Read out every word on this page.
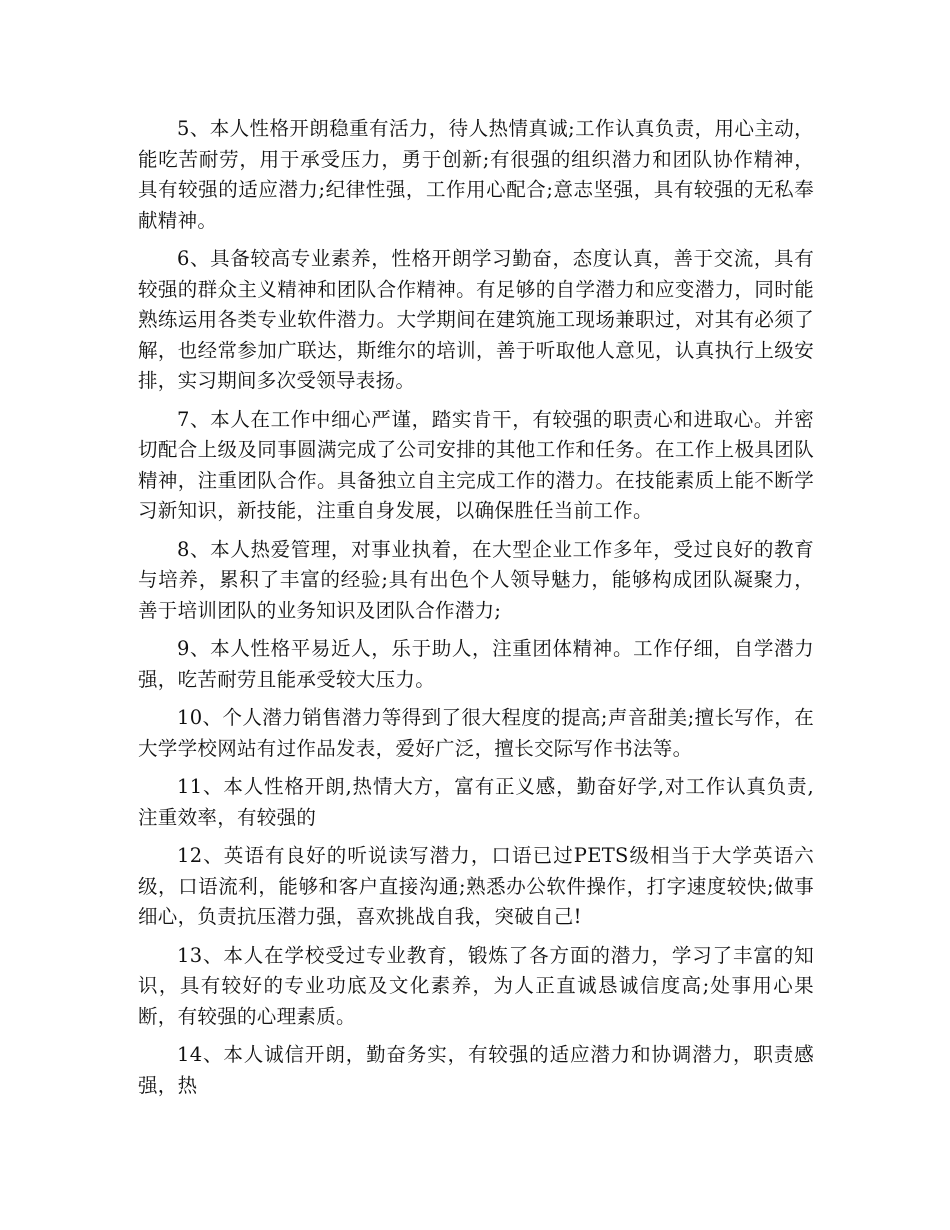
5、本人性格开朗稳重有活力，待人热情真诚;工作认真负责，用心主动，能吃苦耐劳，用于承受压力，勇于创新;有很强的组织潜力和团队协作精神，具有较强的适应潜力;纪律性强，工作用心配合;意志坚强，具有较强的无私奉献精神。

6、具备较高专业素养，性格开朗学习勤奋，态度认真，善于交流，具有较强的群众主义精神和团队合作精神。有足够的自学潜力和应变潜力，同时能熟练运用各类专业软件潜力。大学期间在建筑施工现场兼职过，对其有必须了解，也经常参加广联达，斯维尔的培训，善于听取他人意见，认真执行上级安排，实习期间多次受领导表扬。

7、本人在工作中细心严谨，踏实肯干，有较强的职责心和进取心。并密切配合上级及同事圆满完成了公司安排的其他工作和任务。在工作上极具团队精神，注重团队合作。具备独立自主完成工作的潜力。在技能素质上能不断学习新知识，新技能，注重自身发展，以确保胜任当前工作。

8、本人热爱管理，对事业执着，在大型企业工作多年，受过良好的教育与培养，累积了丰富的经验;具有出色个人领导魅力，能够构成团队凝聚力，善于培训团队的业务知识及团队合作潜力;

9、本人性格平易近人，乐于助人，注重团体精神。工作仔细，自学潜力强，吃苦耐劳且能承受较大压力。

10、个人潜力销售潜力等得到了很大程度的提高;声音甜美;擅长写作，在大学学校网站有过作品发表，爱好广泛，擅长交际写作书法等。

11、本人性格开朗,热情大方，富有正义感，勤奋好学,对工作认真负责,注重效率，有较强的

12、英语有良好的听说读写潜力，口语已过PETS级相当于大学英语六级，口语流利，能够和客户直接沟通;熟悉办公软件操作，打字速度较快;做事细心，负责抗压潜力强，喜欢挑战自我，突破自己!

13、本人在学校受过专业教育，锻炼了各方面的潜力，学习了丰富的知识，具有较好的专业功底及文化素养，为人正直诚恳诚信度高;处事用心果断，有较强的心理素质。

14、本人诚信开朗，勤奋务实，有较强的适应潜力和协调潜力，职责感强，热
